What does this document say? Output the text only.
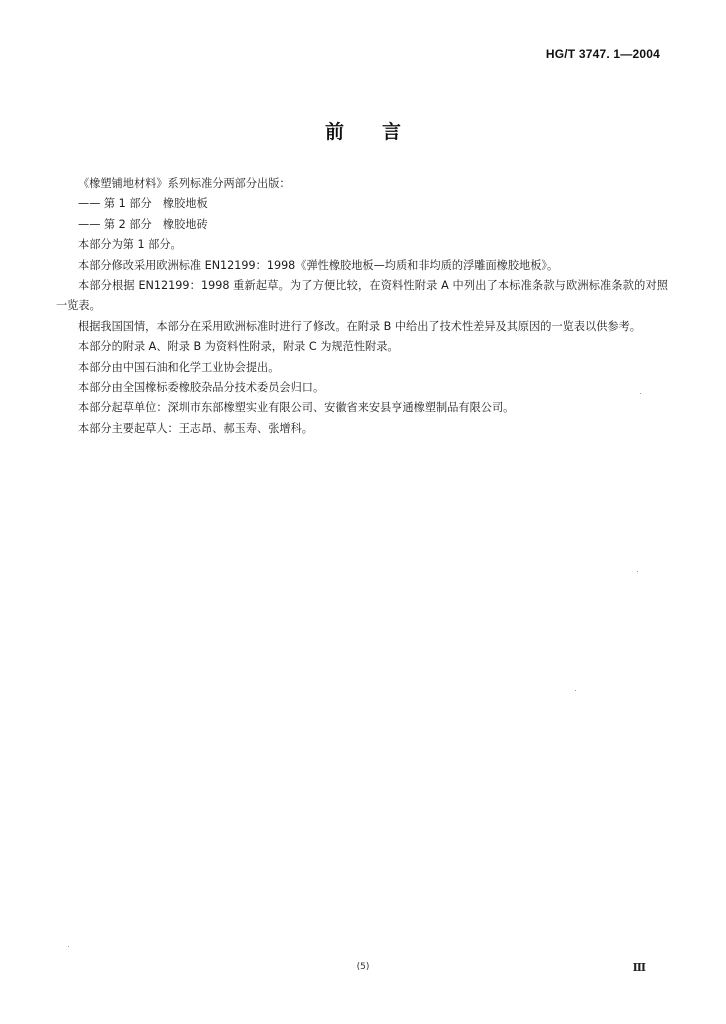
HG/T 3747. 1—2004
前　　言

《橡塑铺地材料》系列标准分两部分出版：

—— 第 1 部分　橡胶地板

—— 第 2 部分　橡胶地砖

本部分为第 1 部分。

本部分修改采用欧洲标准 EN12199：1998《弹性橡胶地板—均质和非均质的浮雕面橡胶地板》。

本部分根据 EN12199：1998 重新起草。为了方便比较，在资料性附录 A 中列出了本标准条款与欧洲标准条款的对照一览表。

根据我国国情，本部分在采用欧洲标准时进行了修改。在附录 B 中给出了技术性差异及其原因的一览表以供参考。

本部分的附录 A、附录 B 为资料性附录，附录 C 为规范性附录。

本部分由中国石油和化学工业协会提出。

本部分由全国橡标委橡胶杂品分技术委员会归口。

本部分起草单位：深圳市东部橡塑实业有限公司、安徽省来安县亨通橡塑制品有限公司。

本部分主要起草人：王志昂、郝玉寿、张增科。

(5)	Ⅲ
